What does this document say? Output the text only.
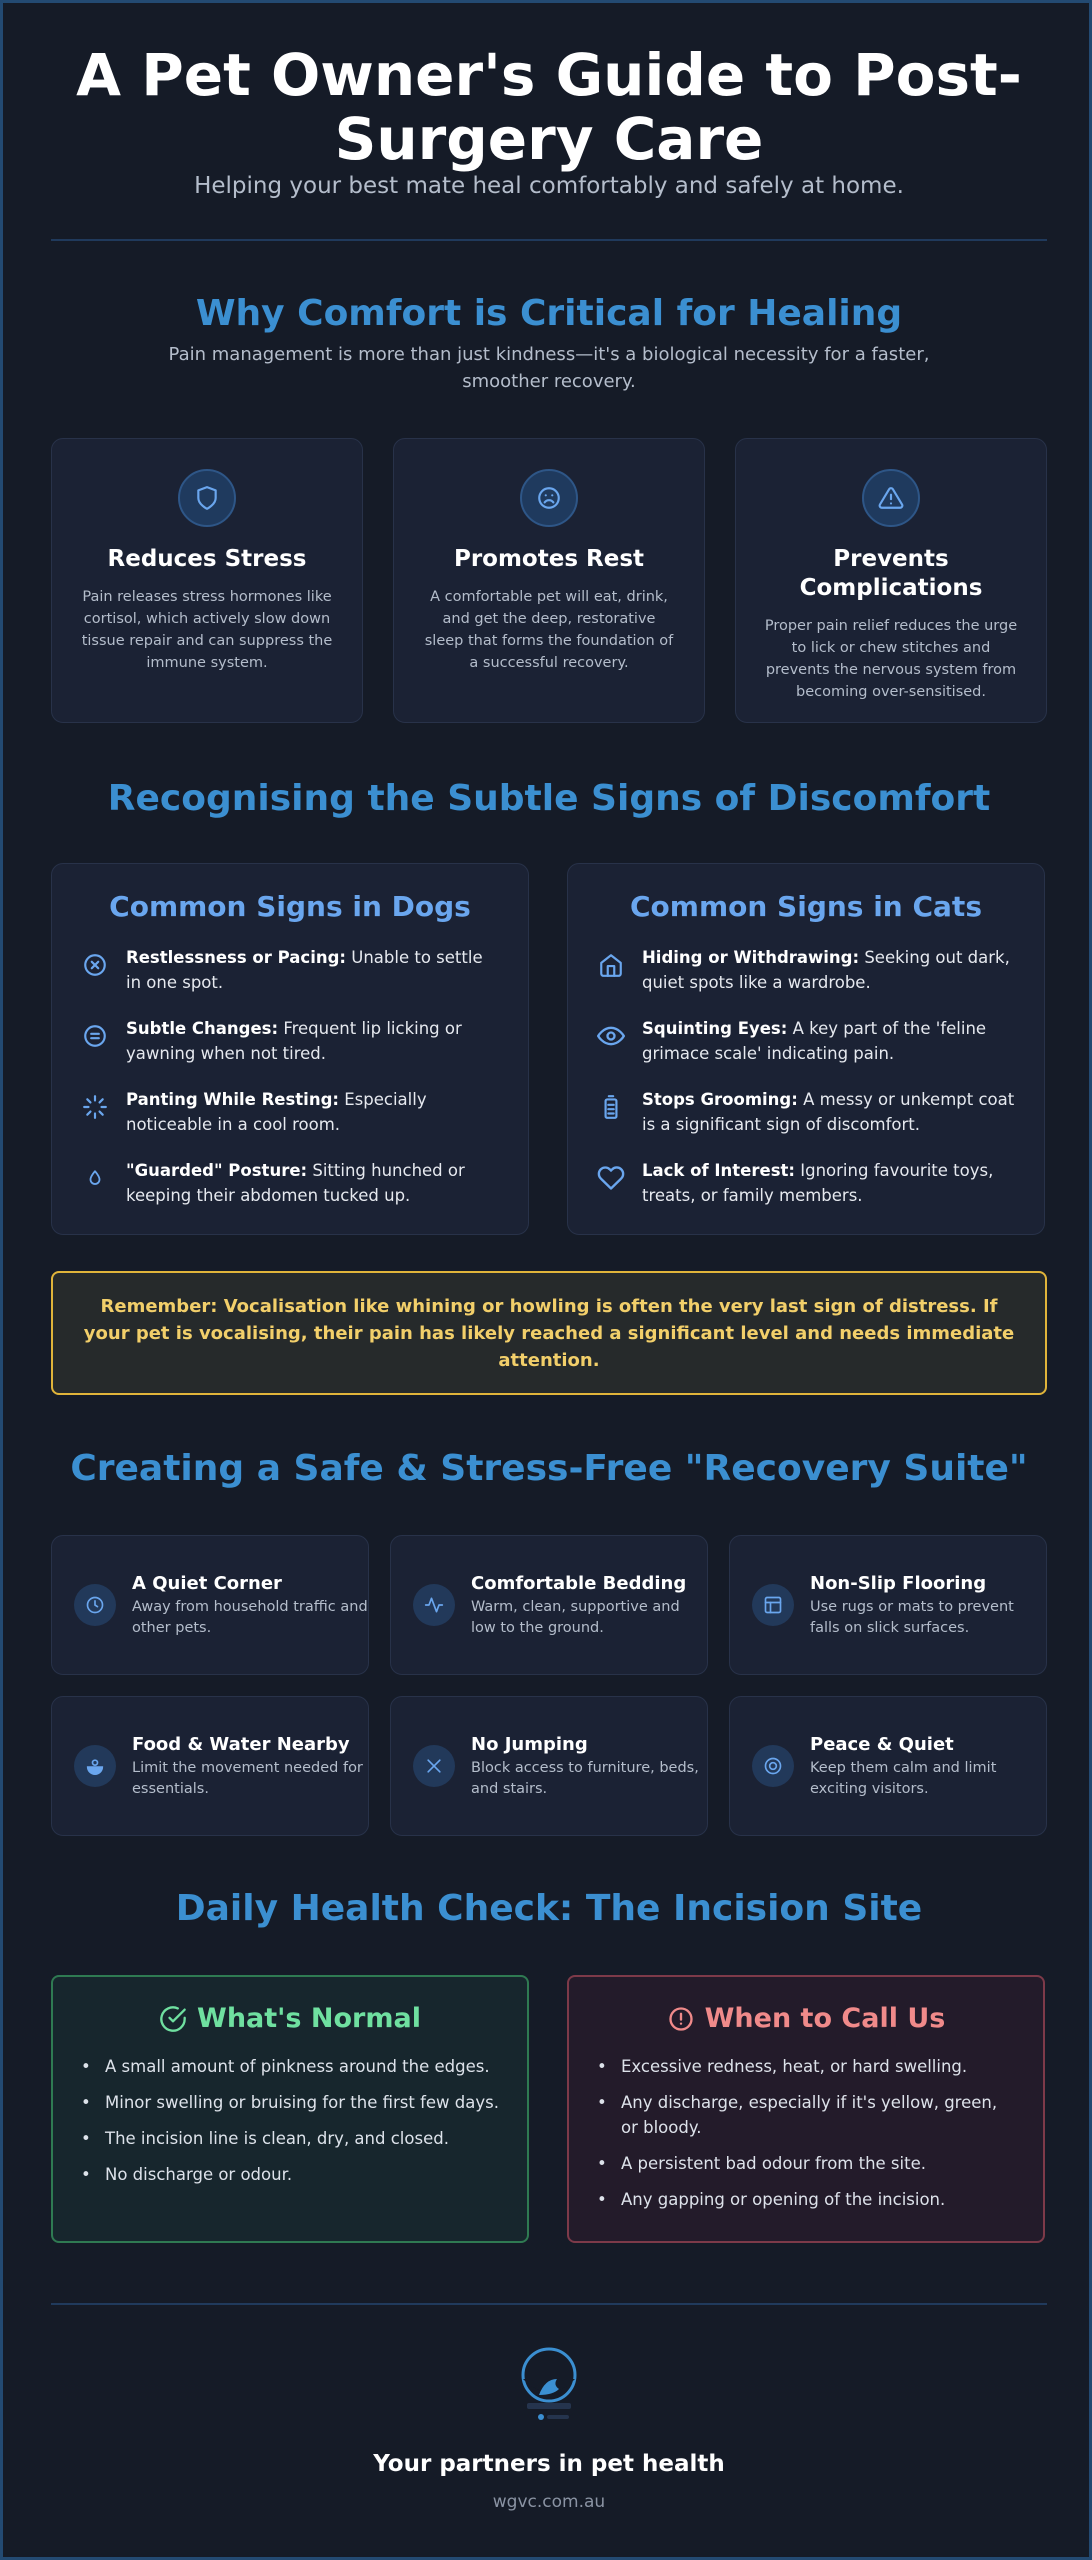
A Pet Owner's Guide to Post-Surgery Care

Helping your best mate heal comfortably and safely at home.

Why Comfort is Critical for Healing

Pain management is more than just kindness—it's a biological necessity for a faster, smoother recovery.

Reduces Stress
Pain releases stress hormones like cortisol, which actively slow down tissue repair and can suppress the immune system.
Promotes Rest
A comfortable pet will eat, drink, and get the deep, restorative sleep that forms the foundation of a successful recovery.
Prevents Complications
Proper pain relief reduces the urge to lick or chew stitches and prevents the nervous system from becoming over-sensitised.
Recognising the Subtle Signs of Discomfort
Common Signs in Dogs
Restlessness or Pacing: Unable to settle in one spot.
Subtle Changes: Frequent lip licking or yawning when not tired.
Panting While Resting: Especially noticeable in a cool room.
"Guarded" Posture: Sitting hunched or keeping their abdomen tucked up.
Common Signs in Cats
Hiding or Withdrawing: Seeking out dark, quiet spots like a wardrobe.
Squinting Eyes: A key part of the 'feline grimace scale' indicating pain.
Stops Grooming: A messy or unkempt coat is a significant sign of discomfort.
Lack of Interest: Ignoring favourite toys, treats, or family members.
Remember: Vocalisation like whining or howling is often the very last sign of distress. If your pet is vocalising, their pain has likely reached a significant level and needs immediate attention.
Creating a Safe & Stress-Free "Recovery Suite"
A Quiet Corner
Away from household traffic and other pets.
Comfortable Bedding
Warm, clean, supportive and low to the ground.
Non-Slip Flooring
Use rugs or mats to prevent falls on slick surfaces.
Food & Water Nearby
Limit the movement needed for essentials.
No Jumping
Block access to furniture, beds, and stairs.
Peace & Quiet
Keep them calm and limit exciting visitors.
Daily Health Check: The Incision Site
What's Normal
• A small amount of pinkness around the edges.
• Minor swelling or bruising for the first few days.
• The incision line is clean, dry, and closed.
• No discharge or odour.
When to Call Us
• Excessive redness, heat, or hard swelling.
• Any discharge, especially if it's yellow, green, or bloody.
• A persistent bad odour from the site.
• Any gapping or opening of the incision.
Your partners in pet health
wgvc.com.au
